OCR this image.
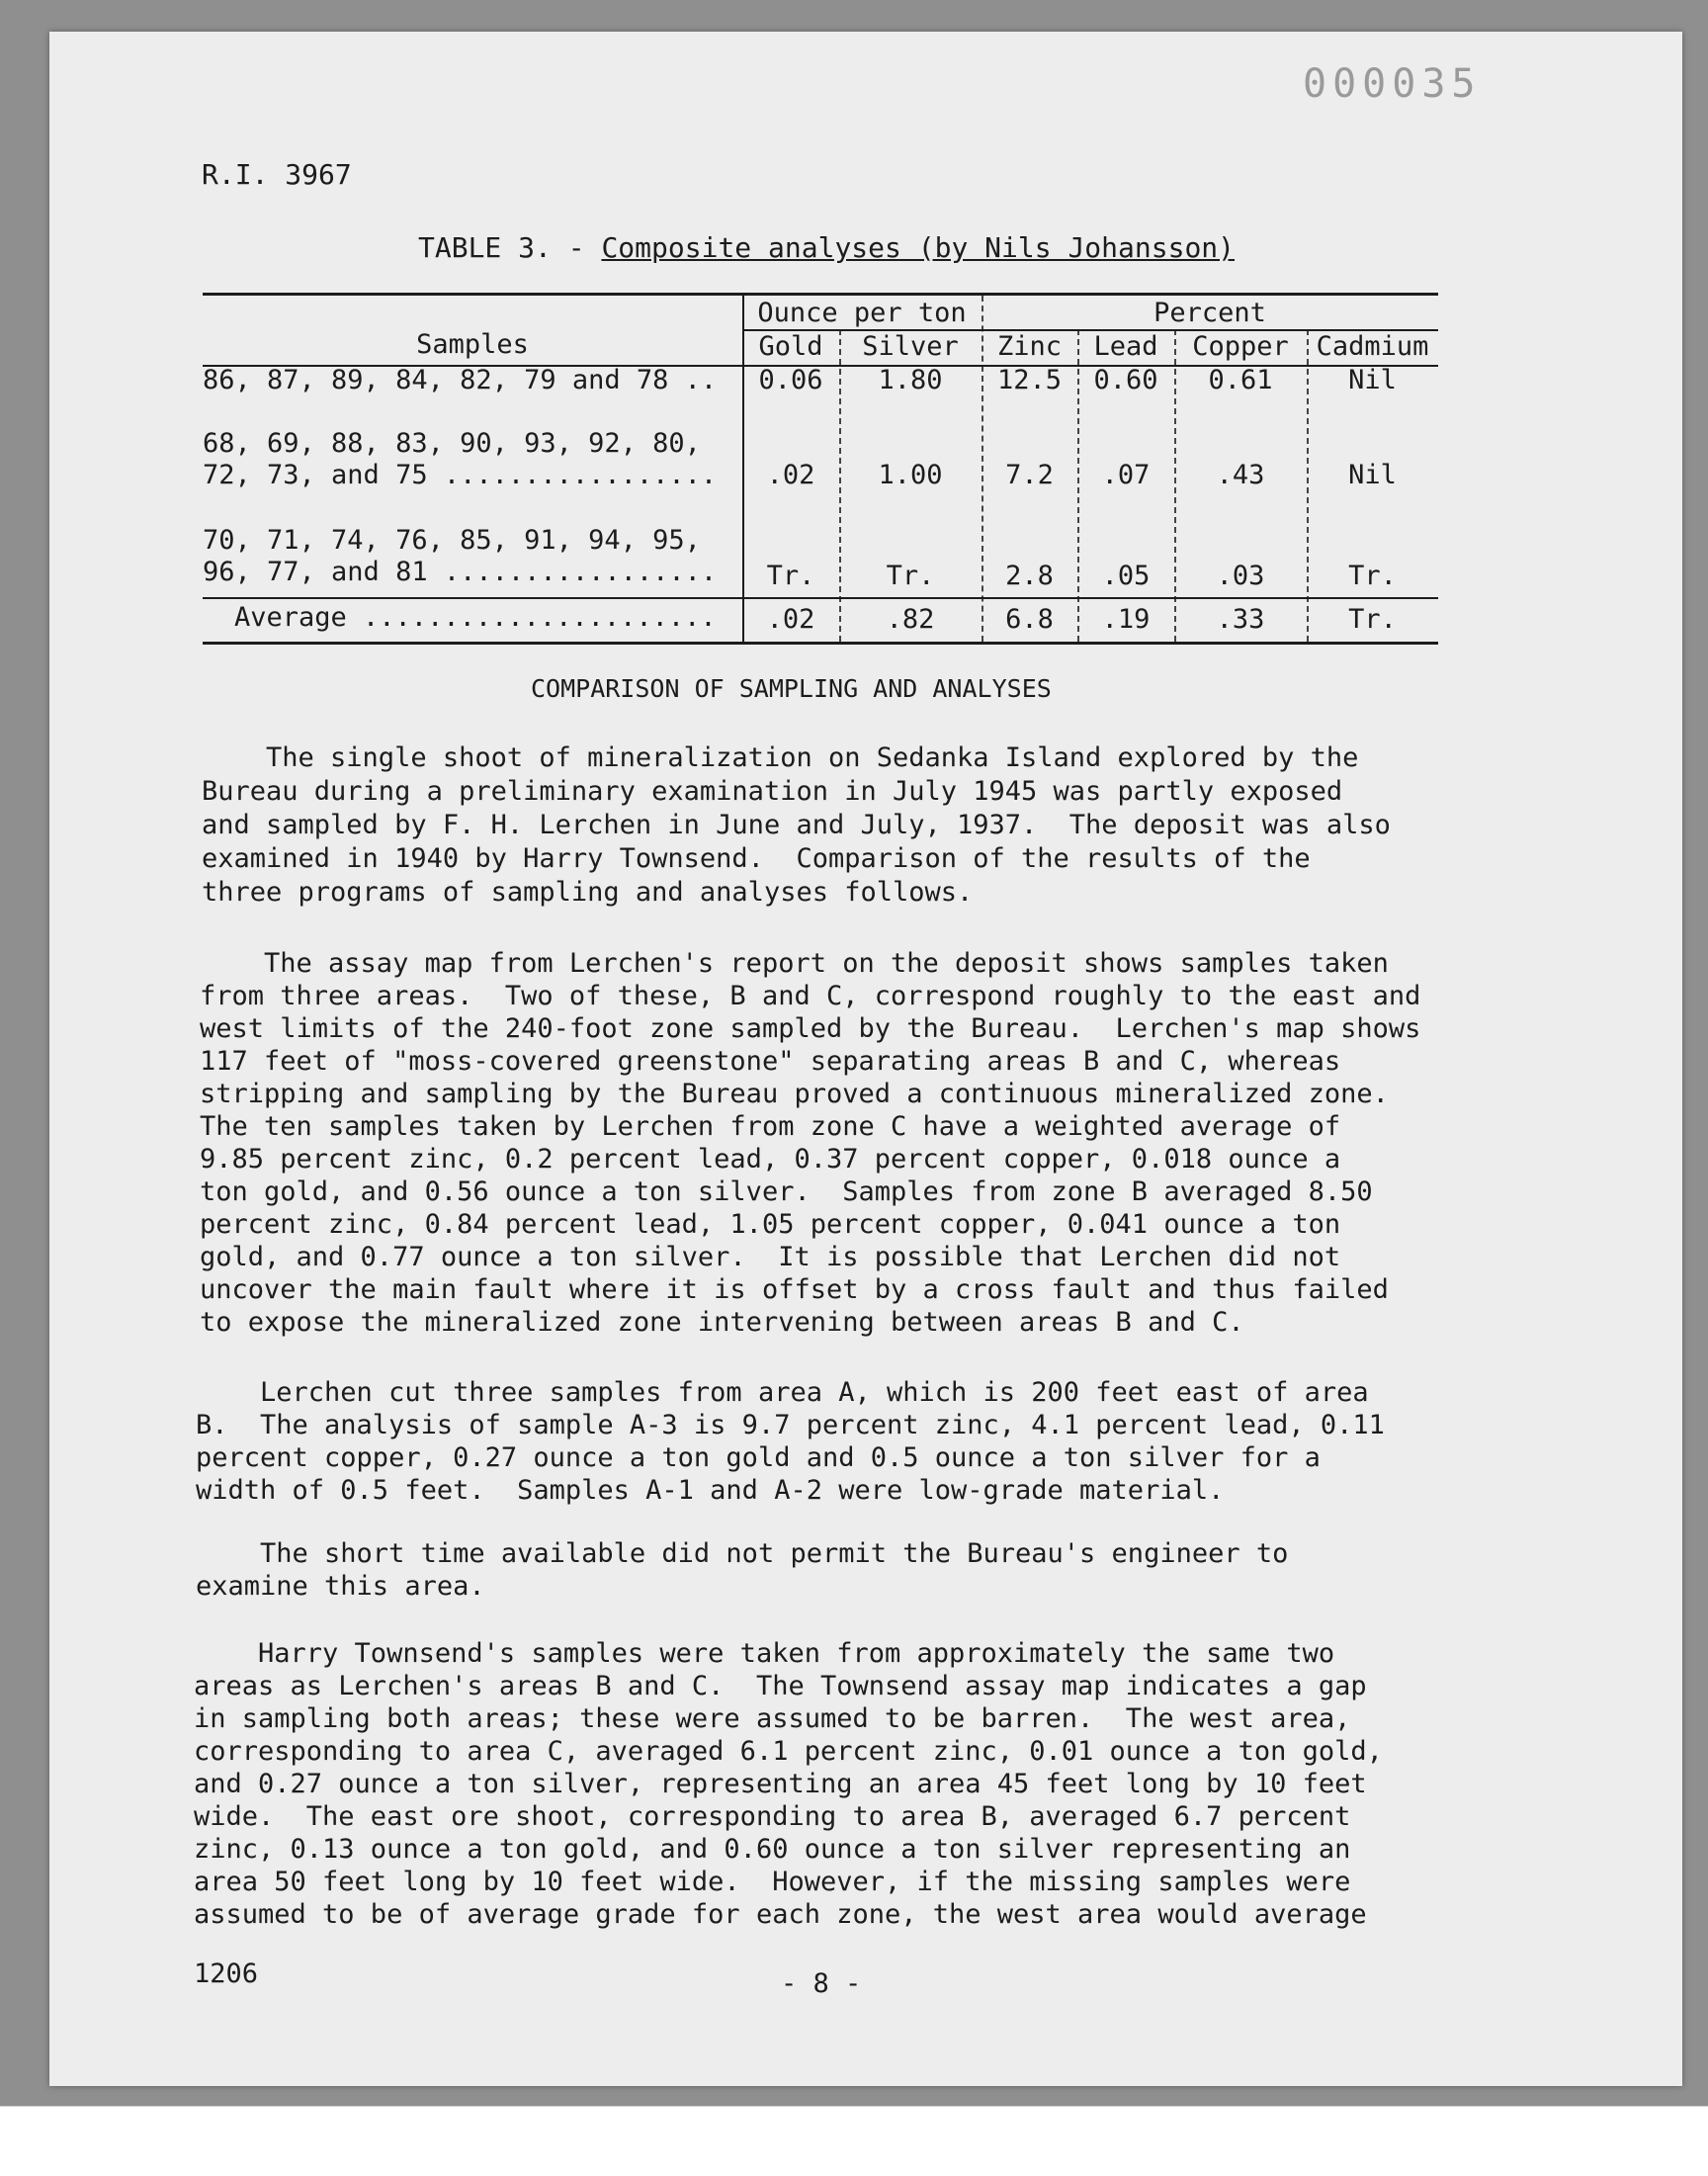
000035
R.I. 3967
TABLE 3. - Composite analyses (by Nils Johansson)
Ounce per ton	Percent
Samples	Gold	Silver	Zinc	Lead	Copper	Cadmium
86, 87, 89, 84, 82, 79 and 78 ..	0.06	1.80	12.5	0.60	0.61	Nil
68, 69, 88, 83, 90, 93, 92, 80,
72, 73, and 75 .................	.02	1.00	7.2	.07	.43	Nil
70, 71, 74, 76, 85, 91, 94, 95,
96, 77, and 81 .................	Tr.	Tr.	2.8	.05	.03	Tr.
Average ......................	.02	.82	6.8	.19	.33	Tr.
COMPARISON OF SAMPLING AND ANALYSES
The single shoot of mineralization on Sedanka Island explored by the
Bureau during a preliminary examination in July 1945 was partly exposed
and sampled by F. H. Lerchen in June and July, 1937.  The deposit was also
examined in 1940 by Harry Townsend.  Comparison of the results of the
three programs of sampling and analyses follows.
The assay map from Lerchen's report on the deposit shows samples taken
from three areas.  Two of these, B and C, correspond roughly to the east and
west limits of the 240-foot zone sampled by the Bureau.  Lerchen's map shows
117 feet of "moss-covered greenstone" separating areas B and C, whereas
stripping and sampling by the Bureau proved a continuous mineralized zone.
The ten samples taken by Lerchen from zone C have a weighted average of
9.85 percent zinc, 0.2 percent lead, 0.37 percent copper, 0.018 ounce a
ton gold, and 0.56 ounce a ton silver.  Samples from zone B averaged 8.50
percent zinc, 0.84 percent lead, 1.05 percent copper, 0.041 ounce a ton
gold, and 0.77 ounce a ton silver.  It is possible that Lerchen did not
uncover the main fault where it is offset by a cross fault and thus failed
to expose the mineralized zone intervening between areas B and C.
Lerchen cut three samples from area A, which is 200 feet east of area
B.  The analysis of sample A-3 is 9.7 percent zinc, 4.1 percent lead, 0.11
percent copper, 0.27 ounce a ton gold and 0.5 ounce a ton silver for a
width of 0.5 feet.  Samples A-1 and A-2 were low-grade material.
The short time available did not permit the Bureau's engineer to
examine this area.
Harry Townsend's samples were taken from approximately the same two
areas as Lerchen's areas B and C.  The Townsend assay map indicates a gap
in sampling both areas; these were assumed to be barren.  The west area,
corresponding to area C, averaged 6.1 percent zinc, 0.01 ounce a ton gold,
and 0.27 ounce a ton silver, representing an area 45 feet long by 10 feet
wide.  The east ore shoot, corresponding to area B, averaged 6.7 percent
zinc, 0.13 ounce a ton gold, and 0.60 ounce a ton silver representing an
area 50 feet long by 10 feet wide.  However, if the missing samples were
assumed to be of average grade for each zone, the west area would average
1206	- 8 -
